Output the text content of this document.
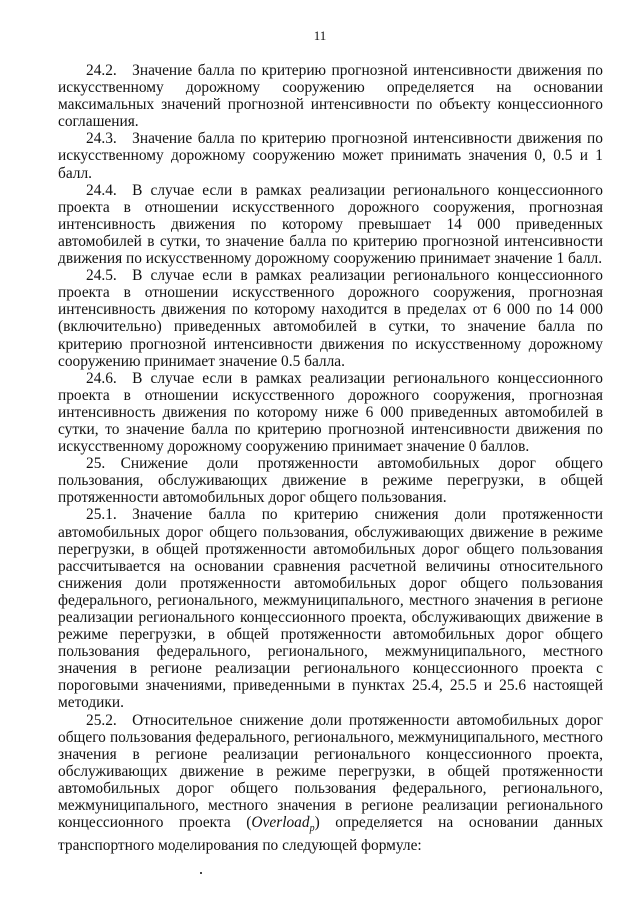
11

24.2. Значение балла по критерию прогнозной интенсивности движения по искусственному дорожному сооружению определяется на основании максимальных значений прогнозной интенсивности по объекту концессионного соглашения.

24.3. Значение балла по критерию прогнозной интенсивности движения по искусственному дорожному сооружению может принимать значения 0, 0.5 и 1 балл.

24.4. В случае если в рамках реализации регионального концессионного проекта в отношении искусственного дорожного сооружения, прогнозная интенсивность движения по которому превышает 14 000 приведенных автомобилей в сутки, то значение балла по критерию прогнозной интенсивности движения по искусственному дорожному сооружению принимает значение 1 балл.

24.5. В случае если в рамках реализации регионального концессионного проекта в отношении искусственного дорожного сооружения, прогнозная интенсивность движения по которому находится в пределах от 6 000 по 14 000 (включительно) приведенных автомобилей в сутки, то значение балла по критерию прогнозной интенсивности движения по искусственному дорожному сооружению принимает значение 0.5 балла.

24.6. В случае если в рамках реализации регионального концессионного проекта в отношении искусственного дорожного сооружения, прогнозная интенсивность движения по которому ниже 6 000 приведенных автомобилей в сутки, то значение балла по критерию прогнозной интенсивности движения по искусственному дорожному сооружению принимает значение 0 баллов.

25. Снижение доли протяженности автомобильных дорог общего пользования, обслуживающих движение в режиме перегрузки, в общей протяженности автомобильных дорог общего пользования.

25.1. Значение балла по критерию снижения доли протяженности автомобильных дорог общего пользования, обслуживающих движение в режиме перегрузки, в общей протяженности автомобильных дорог общего пользования рассчитывается на основании сравнения расчетной величины относительного снижения доли протяженности автомобильных дорог общего пользования федерального, регионального, межмуниципального, местного значения в регионе реализации регионального концессионного проекта, обслуживающих движение в режиме перегрузки, в общей протяженности автомобильных дорог общего пользования федерального, регионального, межмуниципального, местного значения в регионе реализации регионального концессионного проекта с пороговыми значениями, приведенными в пунктах 25.4, 25.5 и 25.6 настоящей методики.

25.2. Относительное снижение доли протяженности автомобильных дорог общего пользования федерального, регионального, межмуниципального, местного значения в регионе реализации регионального концессионного проекта, обслуживающих движение в режиме перегрузки, в общей протяженности автомобильных дорог общего пользования федерального, регионального, межмуниципального, местного значения в регионе реализации регионального концессионного проекта (Overload$_p$) определяется на основании данных транспортного моделирования по следующей формуле:
